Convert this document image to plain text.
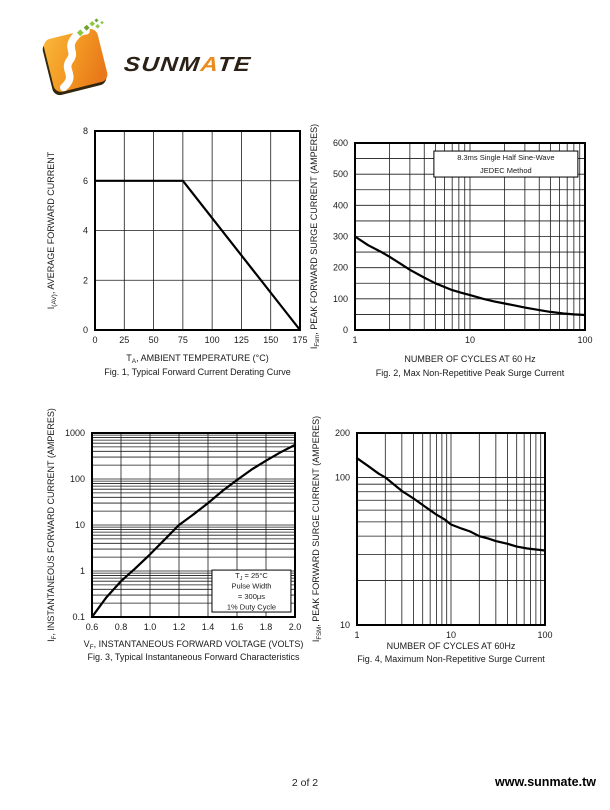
SUNMATE
0 25 50 75 100 125 150 175
0
2
4
6
8
$T_A$, AMBIENT TEMPERATURE (°C)
$I_{(AV)}$, AVERAGE FORWARD CURRENT
Fig. 1, Typical Forward Current Derating Curve
8.3ms Single Half Sine-Wave
JEDEC Method
1	10	100
0
100
200
300
400
500
600
NUMBER OF CYCLES AT 60 Hz
$I_{Fsm}$, PEAK FORWARD SURGE CURRENT (AMPERES)
Fig. 2, Max Non-Repetitive Peak Surge Current
$T_J = 25^\circ C$
Pulse Width
= 300μs
1% Duty Cycle
0.6 0.8 1.0 1.2 1.4 1.6 1.8 2.0
0.1
1
10
100
1000
$V_F$, INSTANTANEOUS FORWARD VOLTAGE (VOLTS)
$I_F$, INSTANTANEOUS FORWARD CURRENT (AMPERES)
Fig. 3, Typical Instantaneous Forward Characteristics
1	10	100
10
100
200
NUMBER OF CYCLES AT 60Hz
$I_{FSM}$, PEAK FORWARD SURGE CURRENT (AMPERES)
Fig. 4, Maximum Non-Repetitive Surge Current
2 of 2	www.sunmate.tw
